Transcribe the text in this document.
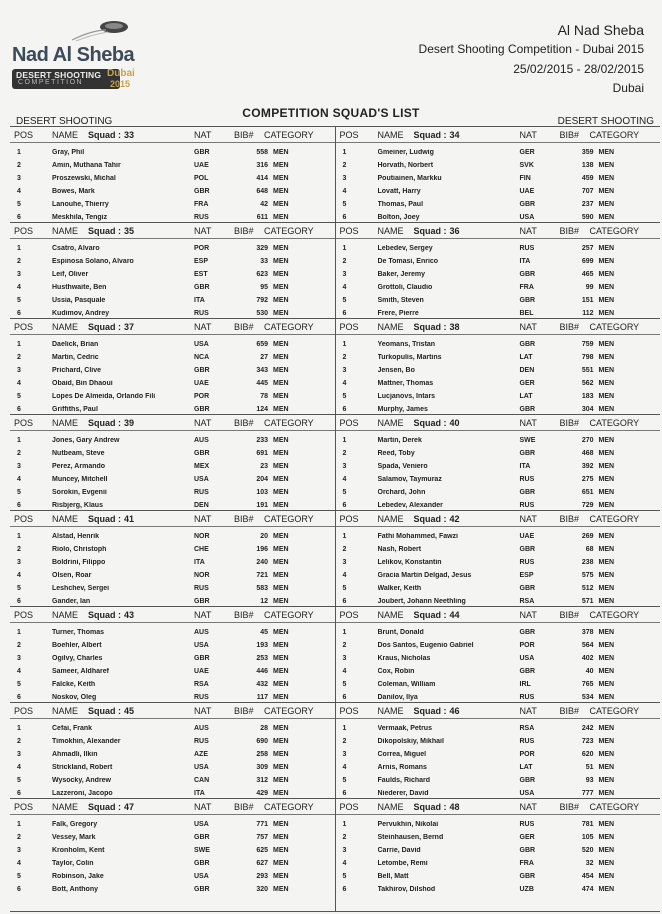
Nad Al Sheba
DESERT SHOOTING
COMPETITION
Dubai
2015
Al Nad Sheba
Desert Shooting Competition - Dubai 2015
25/02/2015 - 28/02/2015
Dubai
COMPETITION SQUAD'S LIST
DESERT SHOOTING	DESERT SHOOTING
POS	NAME Squad : 33	NAT	BIB#	CATEGORY
1	Gray, Phil	GBR	558 MEN
2	Amin, Muthana Tahir	UAE	316 MEN
3	Proszewski, Michal	POL	414 MEN
4	Bowes, Mark	GBR	648 MEN
5	Lanouhe, Thierry	FRA	42 MEN
6	Meskhila, Tengiz	RUS	611 MEN
POS	NAME Squad : 34	NAT	BIB#	CATEGORY
1	Gmeiner, Ludwig	GER	359 MEN
2	Horvath, Norbert	SVK	138 MEN
3	Poutiainen, Markku	FIN	459 MEN
4	Lovatt, Harry	UAE	707 MEN
5	Thomas, Paul	GBR	237 MEN
6	Bolton, Joey	USA	590 MEN
POS	NAME Squad : 35	NAT	BIB#	CATEGORY
1	Csatro, Alvaro	POR	329 MEN
2	Espinosa Solano, Alvaro	ESP	33 MEN
3	Leif, Oliver	EST	623 MEN
4	Husthwaite, Ben	GBR	95 MEN
5	Ussia, Pasquale	ITA	792 MEN
6	Kudimov, Andrey	RUS	530 MEN
POS	NAME Squad : 36	NAT	BIB#	CATEGORY
1	Lebedev, Sergey	RUS	257 MEN
2	De Tomasi, Enrico	ITA	699 MEN
3	Baker, Jeremy	GBR	465 MEN
4	Grottoli, Claudio	FRA	99 MEN
5	Smith, Steven	GBR	151 MEN
6	Frere, Pierre	BEL	112 MEN
POS	NAME Squad : 37	NAT	BIB#	CATEGORY
1	Daelick, Brian	USA	659 MEN
2	Martin, Cedric	NCA	27 MEN
3	Prichard, Clive	GBR	343 MEN
4	Obaid, Bin Dhaoui	UAE	445 MEN
5	Lopes De Almeida, Orlando Fili	POR	78 MEN
6	Griffiths, Paul	GBR	124 MEN
POS	NAME Squad : 38	NAT	BIB#	CATEGORY
1	Yeomans, Tristan	GBR	759 MEN
2	Turkopulis, Martins	LAT	798 MEN
3	Jensen, Bo	DEN	551 MEN
4	Mattner, Thomas	GER	562 MEN
5	Lucjanovs, Intars	LAT	183 MEN
6	Murphy, James	GBR	304 MEN
POS	NAME Squad : 39	NAT	BIB#	CATEGORY
1	Jones, Gary Andrew	AUS	233 MEN
2	Nutbeam, Steve	GBR	691 MEN
3	Perez, Armando	MEX	23 MEN
4	Muncey, Mitchell	USA	204 MEN
5	Sorokin, Evgenii	RUS	103 MEN
6	Risbjerg, Klaus	DEN	191 MEN
POS	NAME Squad : 40	NAT	BIB#	CATEGORY
1	Martin, Derek	SWE	270 MEN
2	Reed, Toby	GBR	468 MEN
3	Spada, Veniero	ITA	392 MEN
4	Salamov, Taymuraz	RUS	275 MEN
5	Orchard, John	GBR	651 MEN
6	Lebedev, Alexander	RUS	729 MEN
POS	NAME Squad : 41	NAT	BIB#	CATEGORY
1	Alstad, Henrik	NOR	20 MEN
2	Riolo, Christoph	CHE	196 MEN
3	Boldrini, Filippo	ITA	240 MEN
4	Olsen, Roar	NOR	721 MEN
5	Leshchev, Sergei	RUS	583 MEN
6	Gander, Ian	GBR	12 MEN
POS	NAME Squad : 42	NAT	BIB#	CATEGORY
1	Fathi Mohammed, Fawzi	UAE	269 MEN
2	Nash, Robert	GBR	68 MEN
3	Lelikov, Konstantin	RUS	238 MEN
4	Gracia Martin Delgad, Jesus	ESP	575 MEN
5	Walker, Keith	GBR	512 MEN
6	Joubert, Johann Neethling	RSA	571 MEN
POS	NAME Squad : 43	NAT	BIB#	CATEGORY
1	Turner, Thomas	AUS	45 MEN
2	Boehler, Albert	USA	193 MEN
3	Ogilvy, Charles	GBR	253 MEN
4	Sameer, Aldharef	UAE	446 MEN
5	Falcke, Keith	RSA	432 MEN
6	Noskov, Oleg	RUS	117 MEN
POS	NAME Squad : 44	NAT	BIB#	CATEGORY
1	Brunt, Donald	GBR	378 MEN
2	Dos Santos, Eugenio Gabriel	POR	564 MEN
3	Kraus, Nicholas	USA	402 MEN
4	Cox, Robin	GBR	40 MEN
5	Coleman, William	IRL	765 MEN
6	Danilov, Ilya	RUS	534 MEN
POS	NAME Squad : 45	NAT	BIB#	CATEGORY
1	Cefai, Frank	AUS	28 MEN
2	Timokhin, Alexander	RUS	690 MEN
3	Ahmadli, Ilkin	AZE	258 MEN
4	Strickland, Robert	USA	309 MEN
5	Wysocky, Andrew	CAN	312 MEN
6	Lazzeroni, Jacopo	ITA	429 MEN
POS	NAME Squad : 46	NAT	BIB#	CATEGORY
1	Vermaak, Petrus	RSA	242 MEN
2	Dikopolskiy, Mikhail	RUS	723 MEN
3	Correa, Miguel	POR	620 MEN
4	Arnis, Romans	LAT	51 MEN
5	Faulds, Richard	GBR	93 MEN
6	Niederer, David	USA	777 MEN
POS	NAME Squad : 47	NAT	BIB#	CATEGORY
1	Falk, Gregory	USA	771 MEN
2	Vessey, Mark	GBR	757 MEN
3	Kronholm, Kent	SWE	625 MEN
4	Taylor, Colin	GBR	627 MEN
5	Robinson, Jake	USA	293 MEN
6	Bott, Anthony	GBR	320 MEN
POS	NAME Squad : 48	NAT	BIB#	CATEGORY
1	Pervukhin, Nikolai	RUS	781 MEN
2	Steinhausen, Bernd	GER	105 MEN
3	Carrie, David	GBR	520 MEN
4	Letombe, Remi	FRA	32 MEN
5	Bell, Matt	GBR	454 MEN
6	Takhirov, Dilshod	UZB	474 MEN
